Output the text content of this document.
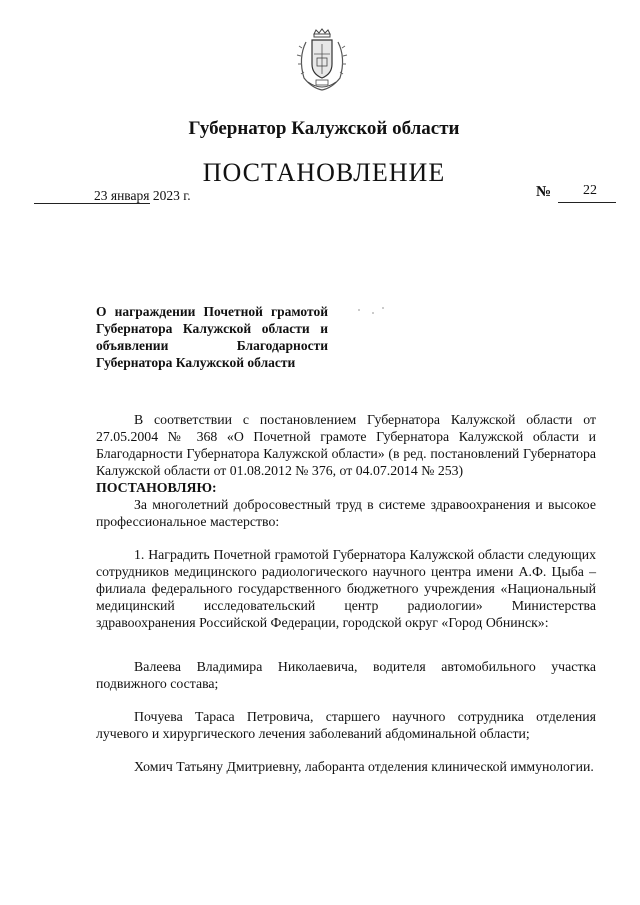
Губернатор Калужской области
ПОСТАНОВЛЕНИЕ
23 января 2023 г.	№ 22
О награждении Почетной грамотой Губернатора Калужской области и объявлении Благодарности Губернатора Калужской области
В соответствии с постановлением Губернатора Калужской области от 27.05.2004 № 368 «О Почетной грамоте Губернатора Калужской области и Благодарности Губернатора Калужской области» (в ред. постановлений Губернатора Калужской области от 01.08.2012 № 376, от 04.07.2014 № 253)
ПОСТАНОВЛЯЮ:
За многолетний добросовестный труд в системе здравоохранения и высокое профессиональное мастерство:
1. Наградить Почетной грамотой Губернатора Калужской области следующих сотрудников медицинского радиологического научного центра имени А.Ф. Цыба – филиала федерального государственного бюджетного учреждения «Национальный медицинский исследовательский центр радиологии» Министерства здравоохранения Российской Федерации, городской округ «Город Обнинск»:
Валеева Владимира Николаевича, водителя автомобильного участка подвижного состава;
Почуева Тараса Петровича, старшего научного сотрудника отделения лучевого и хирургического лечения заболеваний абдоминальной области;
Хомич Татьяну Дмитриевну, лаборанта отделения клинической иммунологии.
